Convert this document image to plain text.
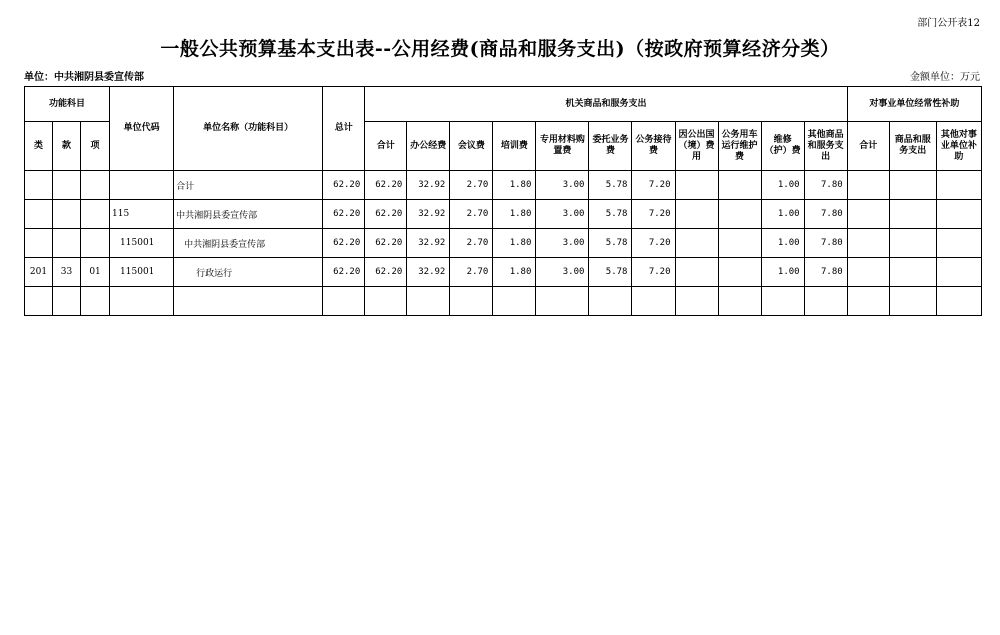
部门公开表12
一般公共预算基本支出表--公用经费(商品和服务支出)（按政府预算经济分类）
单位：中共湘阴县委宣传部	金额单位：万元
功能科目			单位代码	单位名称（功能科目）	总计	机关商品和服务支出											对事业单位经常性补助		
类	款	项				合计	办公经费	会议费	培训费	专用材料购置费	委托业务费	公务接待费	因公出国（境）费用	公务用车运行维护费	维修（护）费	其他商品和服务支出	合计	商品和服务支出	其他对事业单位补助
				合计	62.20	62.20	32.92	2.70	1.80	3.00	5.78	7.20			1.00	7.80			
			115	中共湘阴县委宣传部	62.20	62.20	32.92	2.70	1.80	3.00	5.78	7.20			1.00	7.80			
			115001	中共湘阴县委宣传部	62.20	62.20	32.92	2.70	1.80	3.00	5.78	7.20			1.00	7.80			
201	33	01	115001	行政运行	62.20	62.20	32.92	2.70	1.80	3.00	5.78	7.20			1.00	7.80			
